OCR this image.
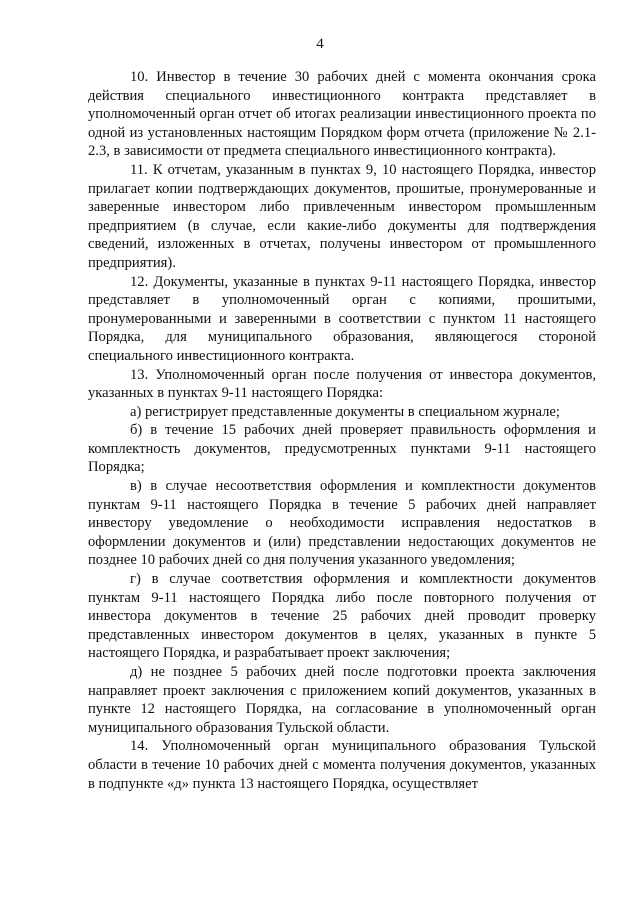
4

10. Инвестор в течение 30 рабочих дней с момента окончания срока действия специального инвестиционного контракта представляет в уполномоченный орган отчет об итогах реализации инвестиционного проекта по одной из установленных настоящим Порядком форм отчета (приложение № 2.1-2.3, в зависимости от предмета специального инвестиционного контракта).

11. К отчетам, указанным в пунктах 9, 10 настоящего Порядка, инвестор прилагает копии подтверждающих документов, прошитые, пронумерованные и заверенные инвестором либо привлеченным инвестором промышленным предприятием (в случае, если какие-либо документы для подтверждения сведений, изложенных в отчетах, получены инвестором от промышленного предприятия).

12. Документы, указанные в пунктах 9-11 настоящего Порядка, инвестор представляет в уполномоченный орган с копиями, прошитыми, пронумерованными и заверенными в соответствии с пунктом 11 настоящего Порядка, для муниципального образования, являющегося стороной специального инвестиционного контракта.

13. Уполномоченный орган после получения от инвестора документов, указанных в пунктах 9-11 настоящего Порядка:

а) регистрирует представленные документы в специальном журнале;

б) в течение 15 рабочих дней проверяет правильность оформления и комплектность документов, предусмотренных пунктами 9-11 настоящего Порядка;

в) в случае несоответствия оформления и комплектности документов пунктам 9-11 настоящего Порядка в течение 5 рабочих дней направляет инвестору уведомление о необходимости исправления недостатков в оформлении документов и (или) представлении недостающих документов не позднее 10 рабочих дней со дня получения указанного уведомления;

г) в случае соответствия оформления и комплектности документов пунктам 9-11 настоящего Порядка либо после повторного получения от инвестора документов в течение 25 рабочих дней проводит проверку представленных инвестором документов в целях, указанных в пункте 5 настоящего Порядка, и разрабатывает проект заключения;

д) не позднее 5 рабочих дней после подготовки проекта заключения направляет проект заключения с приложением копий документов, указанных в пункте 12 настоящего Порядка, на согласование в уполномоченный орган муниципального образования Тульской области.

14. Уполномоченный орган муниципального образования Тульской области в течение 10 рабочих дней с момента получения документов, указанных в подпункте «д» пункта 13 настоящего Порядка, осуществляет
